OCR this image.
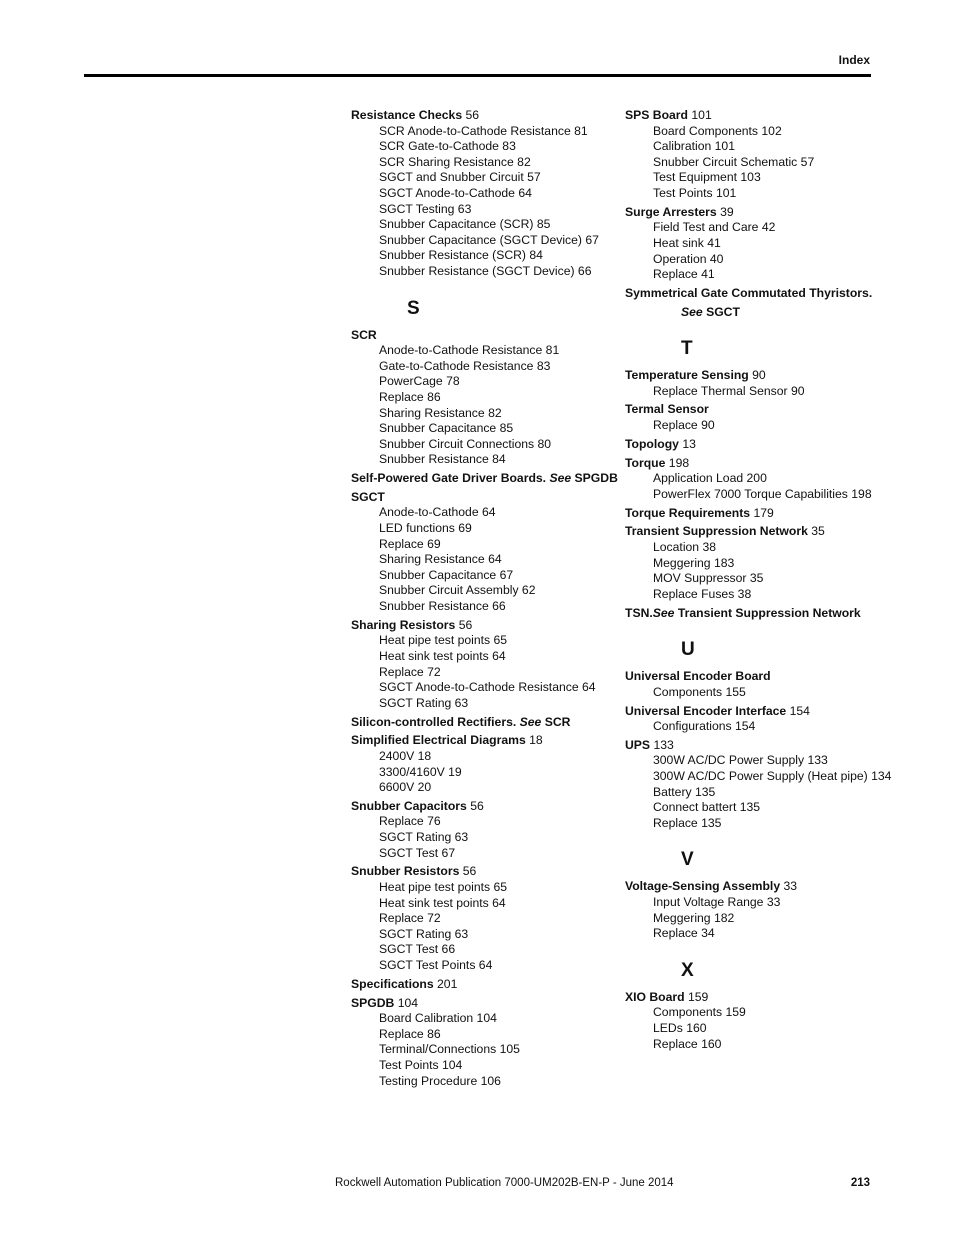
Index
Resistance Checks 56
SCR Anode-to-Cathode Resistance 81
SCR Gate-to-Cathode 83
SCR Sharing Resistance 82
SGCT and Snubber Circuit 57
SGCT Anode-to-Cathode 64
SGCT Testing 63
Snubber Capacitance (SCR) 85
Snubber Capacitance (SGCT Device) 67
Snubber Resistance (SCR) 84
Snubber Resistance (SGCT Device) 66
S
SCR
Anode-to-Cathode Resistance 81
Gate-to-Cathode Resistance 83
PowerCage 78
Replace 86
Sharing Resistance 82
Snubber Capacitance 85
Snubber Circuit Connections 80
Snubber Resistance 84
Self-Powered Gate Driver Boards. See SPGDB
SGCT
Anode-to-Cathode 64
LED functions 69
Replace 69
Sharing Resistance 64
Snubber Capacitance 67
Snubber Circuit Assembly 62
Snubber Resistance 66
Sharing Resistors 56
Heat pipe test points 65
Heat sink test points 64
Replace 72
SGCT Anode-to-Cathode Resistance 64
SGCT Rating 63
Silicon-controlled Rectifiers. See SCR
Simplified Electrical Diagrams 18
2400V 18
3300/4160V 19
6600V 20
Snubber Capacitors 56
Replace 76
SGCT Rating 63
SGCT Test 67
Snubber Resistors 56
Heat pipe test points 65
Heat sink test points 64
Replace 72
SGCT Rating 63
SGCT Test 66
SGCT Test Points 64
Specifications 201
SPGDB 104
Board Calibration 104
Replace 86
Terminal/Connections 105
Test Points 104
Testing Procedure 106
SPS Board 101
Board Components 102
Calibration 101
Snubber Circuit Schematic 57
Test Equipment 103
Test Points 101
Surge Arresters 39
Field Test and Care 42
Heat sink 41
Operation 40
Replace 41
Symmetrical Gate Commutated Thyristors.
See SGCT
T
Temperature Sensing 90
Replace Thermal Sensor 90
Termal Sensor
Replace 90
Topology 13
Torque 198
Application Load 200
PowerFlex 7000 Torque Capabilities 198
Torque Requirements 179
Transient Suppression Network 35
Location 38
Meggering 183
MOV Suppressor 35
Replace Fuses 38
TSN.See Transient Suppression Network
U
Universal Encoder Board
Components 155
Universal Encoder Interface 154
Configurations 154
UPS 133
300W AC/DC Power Supply 133
300W AC/DC Power Supply (Heat pipe) 134
Battery 135
Connect battert 135
Replace 135
V
Voltage-Sensing Assembly 33
Input Voltage Range 33
Meggering 182
Replace 34
X
XIO Board 159
Components 159
LEDs 160
Replace 160
Rockwell Automation Publication 7000-UM202B-EN-P - June 2014	213
